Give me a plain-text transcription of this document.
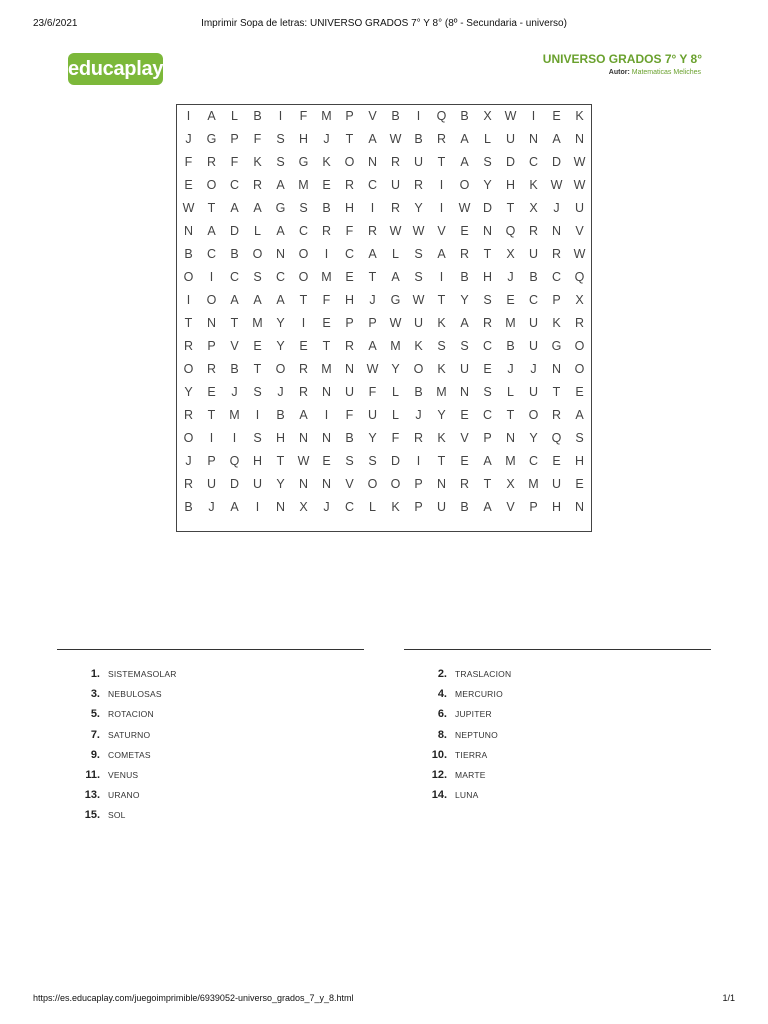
23/6/2021	Imprimir Sopa de letras: UNIVERSO GRADOS 7° Y 8° (8º - Secundaria - universo)
educaplay	UNIVERSO GRADOS 7° Y 8°
Autor: Matematicas Meliches
I	A	L	B	I	F	M	P	V	B	I	Q	B	X	W	I	E	K
J	G	P	F	S	H	J	T	A	W	B	R	A	L	U	N	A	N
F	R	F	K	S	G	K	O	N	R	U	T	A	S	D	C	D	W
E	O	C	R	A	M	E	R	C	U	R	I	O	Y	H	K	W W
W	T	A	A	G	S	B	H	I	R	Y	I	W	D	T	X	J	U
N	A	D	L	A	C	R	F	R	W W	V	E	N	Q	R	N	V
B	C	B	O	N	O	I	C	A	L	S	A	R	T	X	U	R	W
O	I	C	S	C	O	M	E	T	A	S	I	B	H	J	B	C	Q
I	O	A	A	A	T	F	H	J	G W	T	Y	S	E	C	P	X
T	N	T	M	Y	I	E	P	P	W	U	K	A	R	M	U	K	R
R	P	V	E	Y	E	T	R	A	M	K	S	S	C	B	U	G	O
O	R	B	T	O	R	M	N	W	Y	O	K	U	E	J	J	N	O
Y	E	J	S	J	R	N	U	F	L	B	M	N	S	L	U	T	E
R	T	M	I	B	A	I	F	U	L	J	Y	E	C	T	O	R	A
O	I	I	S	H	N	N	B	Y	F	R	K	V	P	N	Y	Q	S
J	P	Q	H	T	W	E	S	S	D	I	T	E	A	M	C	E	H
R	U	D	U	Y	N	N	V	O	O	P	N	R	T	X	M	U	E
B	J	A	I	N	X	J	C	L	K	P	U	B	A	V	P	H	N
1. SISTEMASOLAR
3. NEBULOSAS
5. ROTACION
7. SATURNO
9. COMETAS
11. VENUS
13. URANO
15. SOL
2. TRASLACION
4. MERCURIO
6. JUPITER
8. NEPTUNO
10. TIERRA
12. MARTE
14. LUNA
https://es.educaplay.com/juegoimprimible/6939052-universo_grados_7_y_8.html	1/1
